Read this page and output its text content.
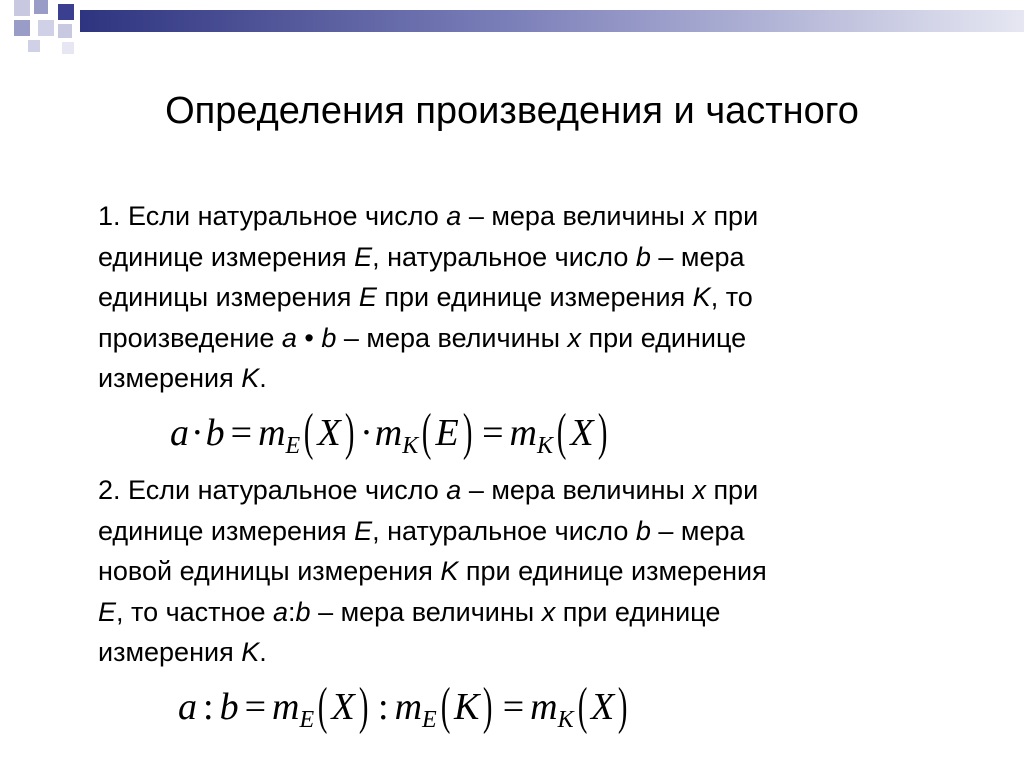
Определения произведения и частного
1. Если натуральное число a – мера величины x при
единице измерения E, натуральное число b – мера
единицы измерения E при единице измерения K, то
произведение a • b – мера величины x при единице
измерения K.
$a\cdot b = m_E$( $X) \cdot m_K$( $E) = m_K$( X)
2. Если натуральное число a – мера величины x при
единице измерения E, натуральное число b – мера
новой единицы измерения K при единице измерения
E, то частное a:b – мера величины x при единице
измерения K.
a : $b = m_E$( X) : $m_E$( $K) = m_K$( X)
